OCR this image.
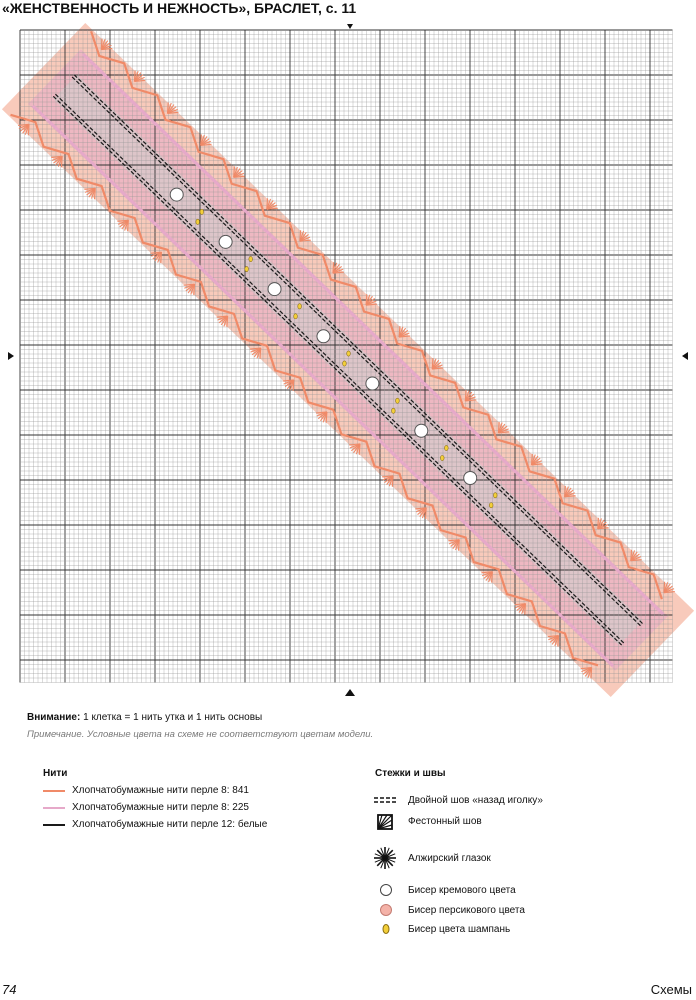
«ЖЕНСТВЕННОСТЬ И НЕЖНОСТЬ», БРАСЛЕТ, с. 11
Внимание: 1 клетка = 1 нить утка и 1 нить основы
Примечание. Условные цвета на схеме не соответствуют цветам модели.
Нити
Хлопчатобумажные нити перле 8: 841
Хлопчатобумажные нити перле 8: 225
Хлопчатобумажные нити перле 12: белые
Стежки и швы
Двойной шов «назад иголку»
Фестонный шов
Алжирский глазок
Бисер кремового цвета
Бисер персикового цвета
Бисер цвета шампань
74	Схемы
